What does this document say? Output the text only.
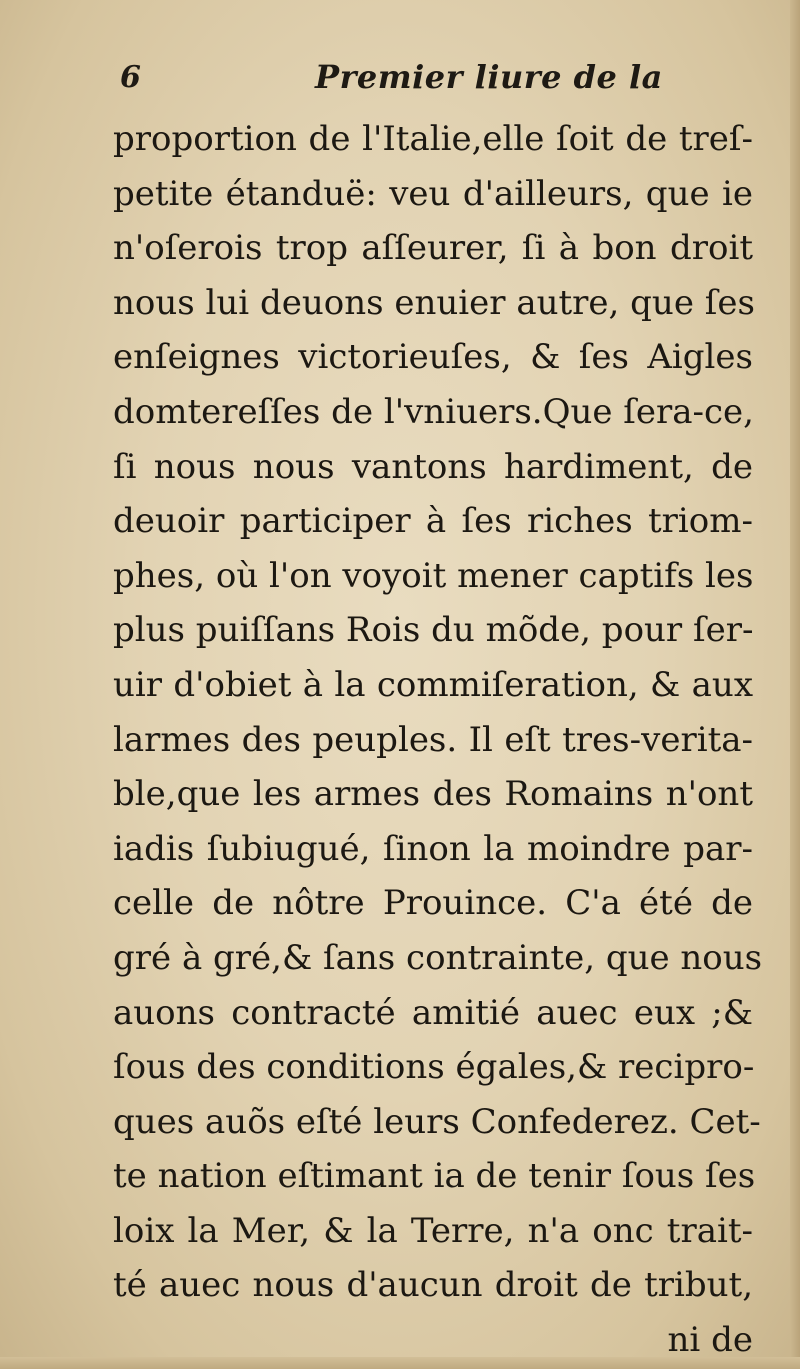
6	Premier liure de la
proportion de l'Italie,elle ſoit de treſ-
petite étanduë: veu d'ailleurs, que ie
n'oſerois trop aſſeurer, ſi à bon droit
nous lui deuons enuier autre, que ſes
enſeignes victorieuſes, & ſes Aigles
domtereſſes de l'vniuers.Que ſera-ce,
ſi nous nous vantons hardiment, de
deuoir participer à ſes riches triom-
phes, où l'on voyoit mener captifs les
plus puiſſans Rois du mõde, pour ſer-
uir d'obiet à la commiſeration, & aux
larmes des peuples. Il eſt tres-verita-
ble,que les armes des Romains n'ont
iadis ſubiugué, ſinon la moindre par-
celle de nôtre Prouince. C'a été de
gré à gré,& ſans contrainte, que nous
auons contracté amitié auec eux ;&
ſous des conditions égales,& recipro-
ques auõs eſté leurs Confederez. Cet-
te nation eſtimant ia de tenir ſous ſes
loix la Mer, & la Terre, n'a onc trait-
té auec nous d'aucun droit de tribut,
ni de
